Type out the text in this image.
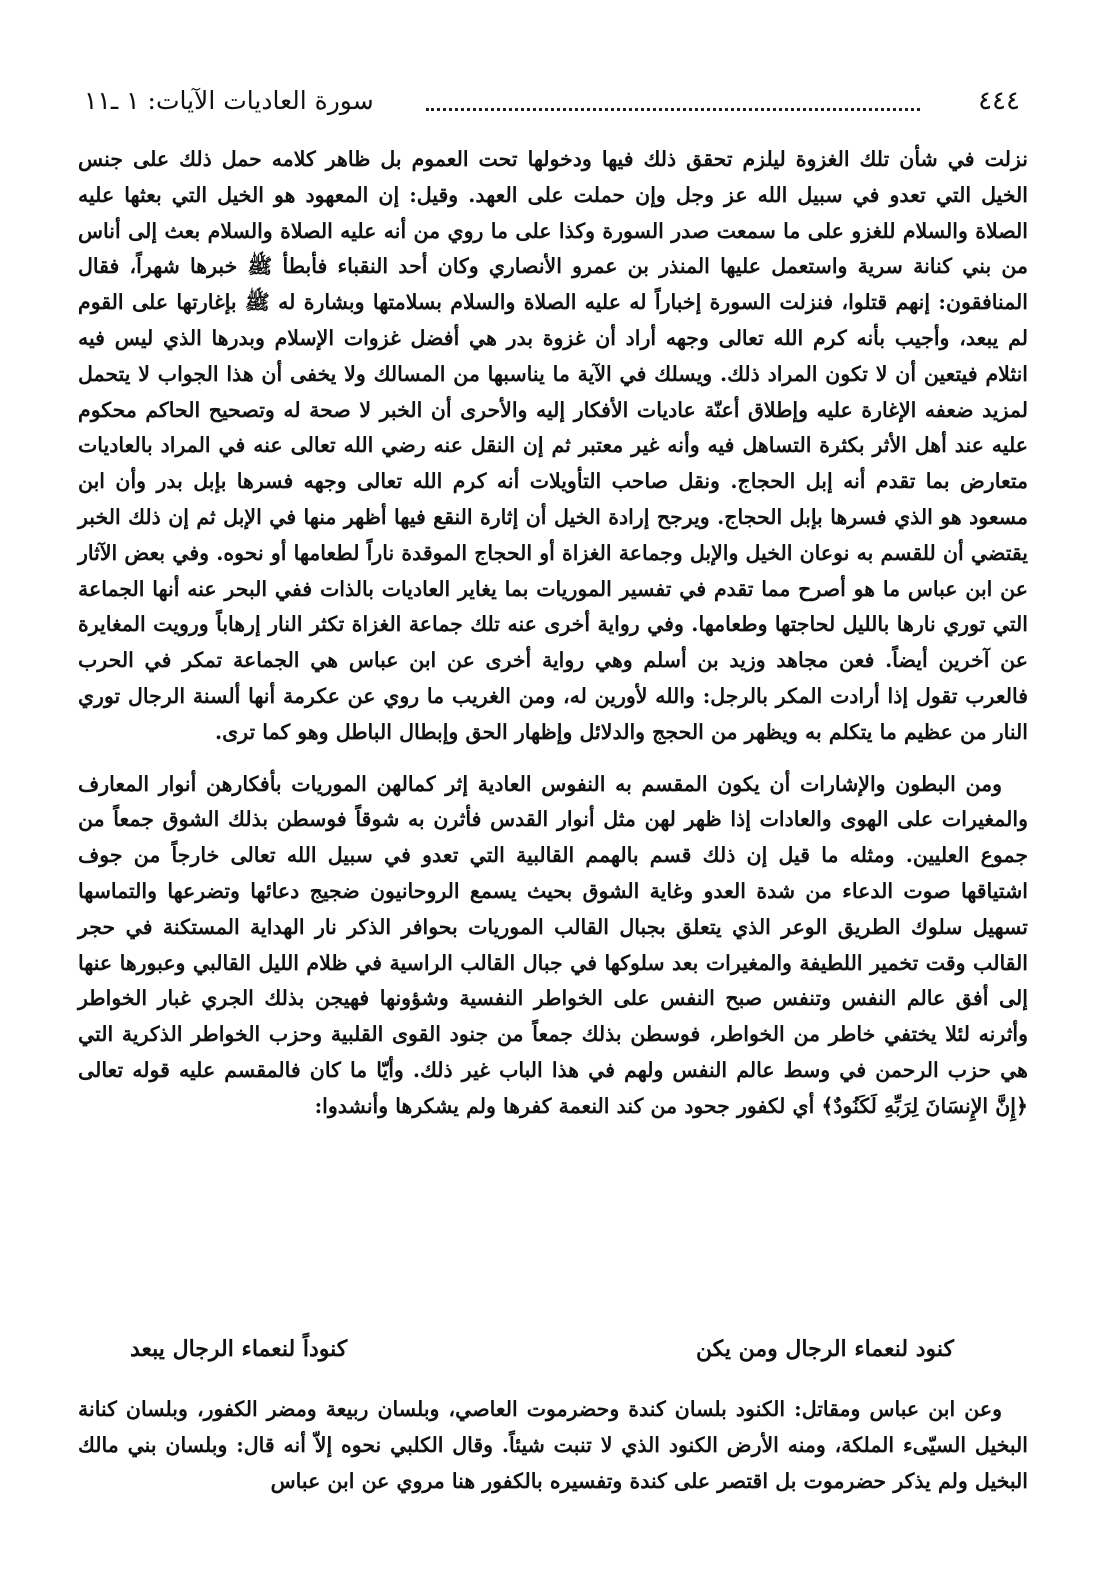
٤٤٤
سورة العاديات الآيات: ١ ـ١١

نزلت في شأن تلك الغزوة ليلزم تحقق ذلك فيها ودخولها تحت العموم بل ظاهر كلامه حمل ذلك على جنس الخيل التي تعدو في سبيل الله عز وجل وإن حملت على العهد. وقيل: إن المعهود هو الخيل التي بعثها عليه الصلاة والسلام للغزو على ما سمعت صدر السورة وكذا على ما روي من أنه عليه الصلاة والسلام بعث إلى أناس من بني كنانة سرية واستعمل عليها المنذر بن عمرو الأنصاري وكان أحد النقباء فأبطأ ﷺ خبرها شهراً، فقال المنافقون: إنهم قتلوا، فنزلت السورة إخباراً له عليه الصلاة والسلام بسلامتها وبشارة له ﷺ بإغارتها على القوم لم يبعد، وأجيب بأنه كرم الله تعالى وجهه أراد أن غزوة بدر هي أفضل غزوات الإسلام وبدرها الذي ليس فيه انثلام فيتعين أن لا تكون المراد ذلك. ويسلك في الآية ما يناسبها من المسالك ولا يخفى أن هذا الجواب لا يتحمل لمزيد ضعفه الإغارة عليه وإطلاق أعنّة عاديات الأفكار إليه والأحرى أن الخبر لا صحة له وتصحيح الحاكم محكوم عليه عند أهل الأثر بكثرة التساهل فيه وأنه غير معتبر ثم إن النقل عنه رضي الله تعالى عنه في المراد بالعاديات متعارض بما تقدم أنه إبل الحجاج. ونقل صاحب التأويلات أنه كرم الله تعالى وجهه فسرها بإبل بدر وأن ابن مسعود هو الذي فسرها بإبل الحجاج. ويرجح إرادة الخيل أن إثارة النقع فيها أظهر منها في الإبل ثم إن ذلك الخبر يقتضي أن للقسم به نوعان الخيل والإبل وجماعة الغزاة أو الحجاج الموقدة ناراً لطعامها أو نحوه. وفي بعض الآثار عن ابن عباس ما هو أصرح مما تقدم في تفسير الموريات بما يغاير العاديات بالذات ففي البحر عنه أنها الجماعة التي توري نارها بالليل لحاجتها وطعامها. وفي رواية أخرى عنه تلك جماعة الغزاة تكثر النار إرهاباً ورويت المغايرة عن آخرين أيضاً. فعن مجاهد وزيد بن أسلم وهي رواية أخرى عن ابن عباس هي الجماعة تمكر في الحرب فالعرب تقول إذا أرادت المكر بالرجل: والله لأورين له، ومن الغريب ما روي عن عكرمة أنها ألسنة الرجال توري النار من عظيم ما يتكلم به ويظهر من الحجج والدلائل وإظهار الحق وإبطال الباطل وهو كما ترى.

ومن البطون والإشارات أن يكون المقسم به النفوس العادية إثر كمالهن الموريات بأفكارهن أنوار المعارف والمغيرات على الهوى والعادات إذا ظهر لهن مثل أنوار القدس فأثرن به شوقاً فوسطن بذلك الشوق جمعاً من جموع العليين. ومثله ما قيل إن ذلك قسم بالهمم القالبية التي تعدو في سبيل الله تعالى خارجاً من جوف اشتياقها صوت الدعاء من شدة العدو وغاية الشوق بحيث يسمع الروحانيون ضجيج دعائها وتضرعها والتماسها تسهيل سلوك الطريق الوعر الذي يتعلق بجبال القالب الموريات بحوافر الذكر نار الهداية المستكنة في حجر القالب وقت تخمير اللطيفة والمغيرات بعد سلوكها في جبال القالب الراسية في ظلام الليل القالبي وعبورها عنها إلى أفق عالم النفس وتنفس صبح النفس على الخواطر النفسية وشؤونها فهيجن بذلك الجري غبار الخواطر وأثرنه لئلا يختفي خاطر من الخواطر، فوسطن بذلك جمعاً من جنود القوى القلبية وحزب الخواطر الذكرية التي هي حزب الرحمن في وسط عالم النفس ولهم في هذا الباب غير ذلك. وأيّا ما كان فالمقسم عليه قوله تعالى ﴿إِنَّ الإِنسَانَ لِرَبِّهِ لَكَنُودٌ﴾ أي لكفور جحود من كند النعمة كفرها ولم يشكرها وأنشدوا:

كنود لنعماء الرجال ومن يكن
كنوداً لنعماء الرجال يبعد

وعن ابن عباس ومقاتل: الكنود بلسان كندة وحضرموت العاصي، وبلسان ربيعة ومضر الكفور، وبلسان كنانة البخيل السيّىء الملكة، ومنه الأرض الكنود الذي لا تنبت شيئاً. وقال الكلبي نحوه إلاّ أنه قال: وبلسان بني مالك البخيل ولم يذكر حضرموت بل اقتصر على كندة وتفسيره بالكفور هنا مروي عن ابن عباس
